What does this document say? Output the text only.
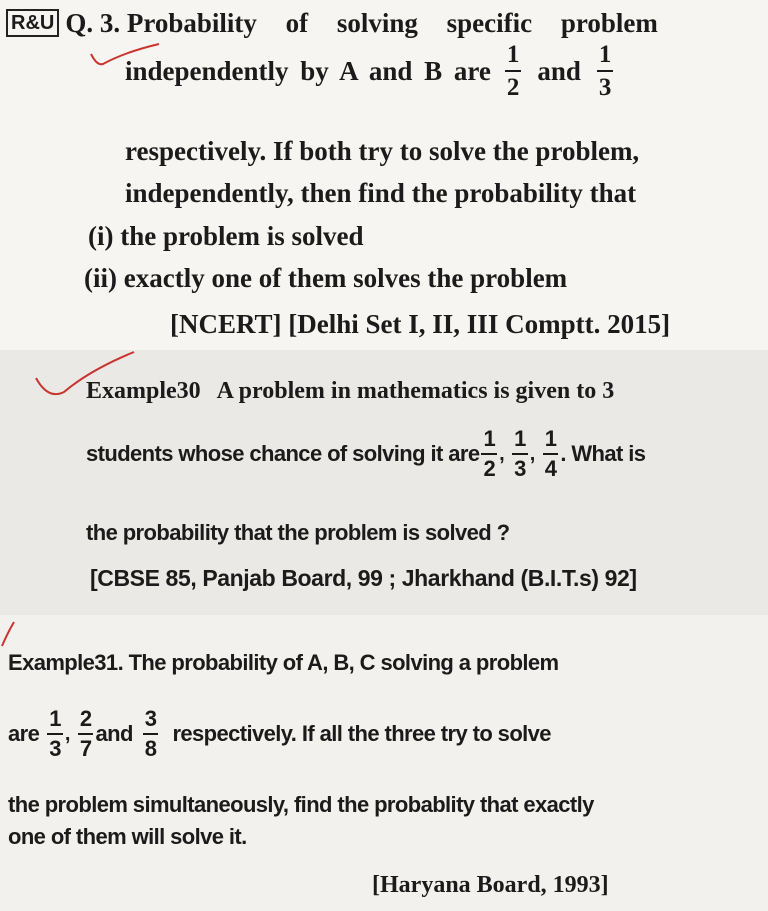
R&U Q. 3. Probability of solving specific problem
independently by A and B are $\frac{1}{2}$ and $\frac{1}{3}$
respectively. If both try to solve the problem,
independently, then find the probability that
(i) the problem is solved
(ii) exactly one of them solves the problem
[NCERT] [Delhi Set I, II, III Comptt. 2015]
Example30 A problem in mathematics is given to 3
students whose chance of solving it are $\frac{1}{2}$ , $\frac{1}{3}$ , $\frac{1}{4}$ . What is
the probability that the problem is solved ?
[CBSE 85, Panjab Board, 99 ; Jharkhand (B.I.T.s) 92]
Example31. The probability of A, B, C solving a problem
are $\frac{1}{3}$ , $\frac{2}{7}$ and $\frac{3}{8}$ respectively. If all the three try to solve
the problem simultaneously, find the probablity that exactly
one of them will solve it.
[Haryana Board, 1993]
